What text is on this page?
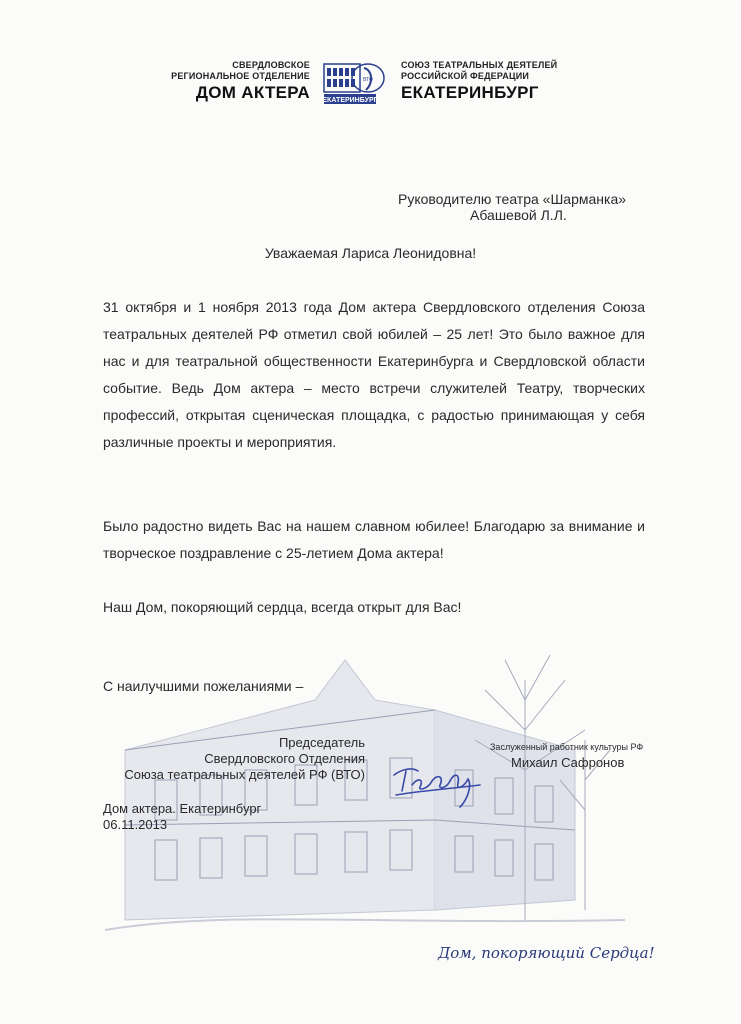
СВЕРДЛОВСКОЕ
РЕГИОНАЛЬНОЕ ОТДЕЛЕНИЕ
ДОМ АКТЕРА ЕКАТЕРИНБУРГ
ВТО
СОЮЗ ТЕАТРАЛЬНЫХ ДЕЯТЕЛЕЙ
РОССИЙСКОЙ ФЕДЕРАЦИИ
ЕКАТЕРИНБУРГ
Руководителю театра «Шарманка»
Абашевой Л.Л.
Уважаемая Лариса Леонидовна!
31 октября и 1 ноября 2013 года Дом актера Свердловского отделения Союза театральных деятелей РФ отметил свой юбилей – 25 лет! Это было важное для нас и для театральной общественности Екатеринбурга и Свердловской области событие. Ведь Дом актера – место встречи служителей Театру, творческих профессий, открытая сценическая площадка, с радостью принимающая у себя различные проекты и мероприятия.
Было радостно видеть Вас на нашем славном юбилее! Благодарю за внимание и творческое поздравление с 25-летием Дома актера!
Наш Дом, покоряющий сердца, всегда открыт для Вас!
С наилучшими пожеланиями –
Председатель
Свердловского Отделения
Союза театральных деятелей РФ (ВТО)
Заслуженный работник культуры РФ
Михаил Сафронов
Дом актера. Екатеринбург
06.11.2013
Дом, покоряющий Сердца!
